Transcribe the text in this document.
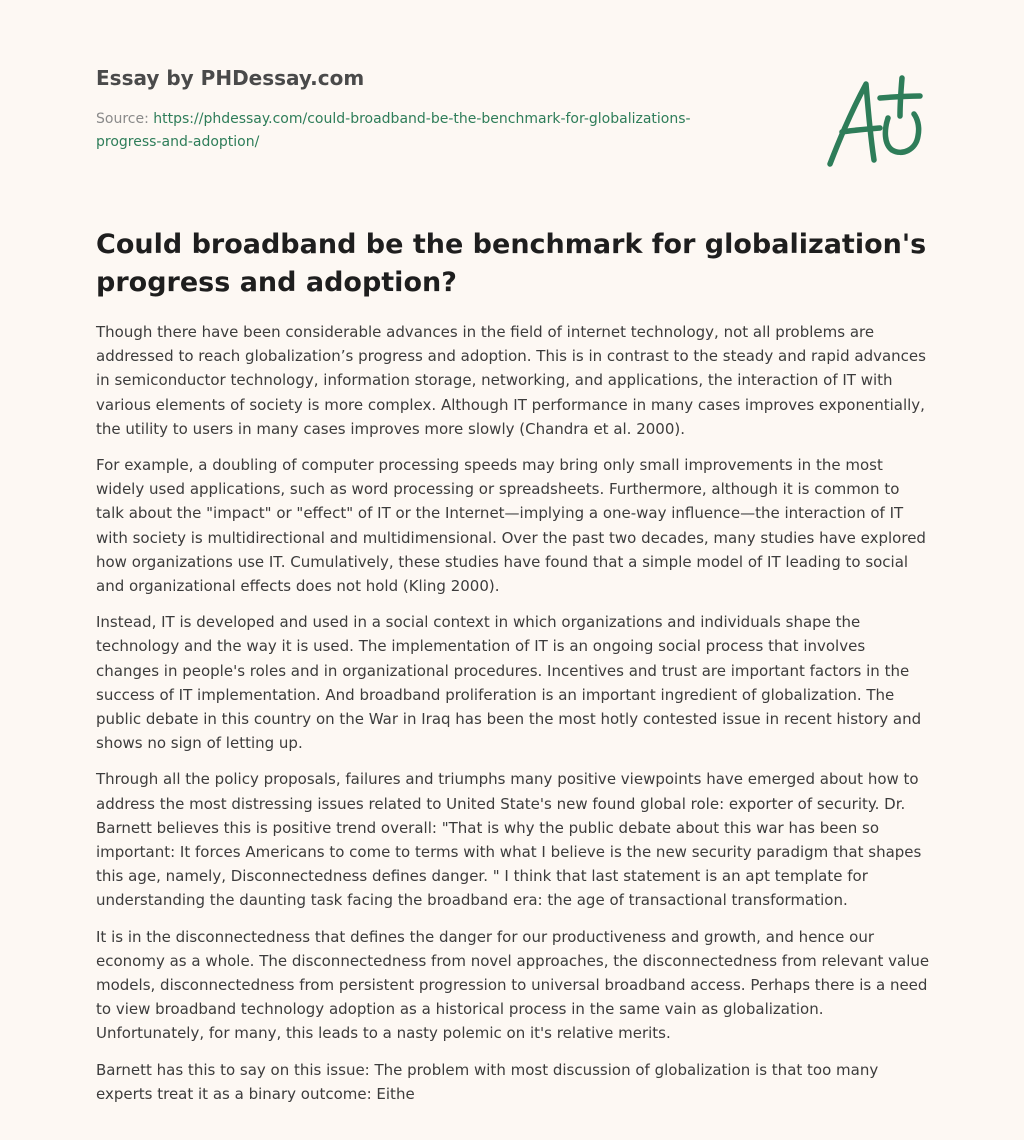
Essay by PHDessay.com
Source: https://phdessay.com/could-broadband-be-the-benchmark-for-globalizations-progress-and-adoption/
Could broadband be the benchmark for globalization's progress and adoption?

Though there have been considerable advances in the field of internet technology, not all problems are addressed to reach globalization’s progress and adoption. This is in contrast to the steady and rapid advances in semiconductor technology, information storage, networking, and applications, the interaction of IT with various elements of society is more complex. Although IT performance in many cases improves exponentially, the utility to users in many cases improves more slowly (Chandra et al. 2000).

For example, a doubling of computer processing speeds may bring only small improvements in the most widely used applications, such as word processing or spreadsheets. Furthermore, although it is common to talk about the "impact" or "effect" of IT or the Internet—implying a one-way influence—the interaction of IT with society is multidirectional and multidimensional. Over the past two decades, many studies have explored how organizations use IT. Cumulatively, these studies have found that a simple model of IT leading to social and organizational effects does not hold (Kling 2000).

Instead, IT is developed and used in a social context in which organizations and individuals shape the technology and the way it is used. The implementation of IT is an ongoing social process that involves changes in people's roles and in organizational procedures. Incentives and trust are important factors in the success of IT implementation. And broadband proliferation is an important ingredient of globalization. The public debate in this country on the War in Iraq has been the most hotly contested issue in recent history and shows no sign of letting up.

Through all the policy proposals, failures and triumphs many positive viewpoints have emerged about how to address the most distressing issues related to United State's new found global role: exporter of security. Dr. Barnett believes this is positive trend overall: "That is why the public debate about this war has been so important: It forces Americans to come to terms with what I believe is the new security paradigm that shapes this age, namely, Disconnectedness defines danger. " I think that last statement is an apt template for understanding the daunting task facing the broadband era: the age of transactional transformation.

It is in the disconnectedness that defines the danger for our productiveness and growth, and hence our economy as a whole. The disconnectedness from novel approaches, the disconnectedness from relevant value models, disconnectedness from persistent progression to universal broadband access. Perhaps there is a need to view broadband technology adoption as a historical process in the same vain as globalization. Unfortunately, for many, this leads to a nasty polemic on it's relative merits.

Barnett has this to say on this issue: The problem with most discussion of globalization is that too many experts treat it as a binary outcome: Eithe
